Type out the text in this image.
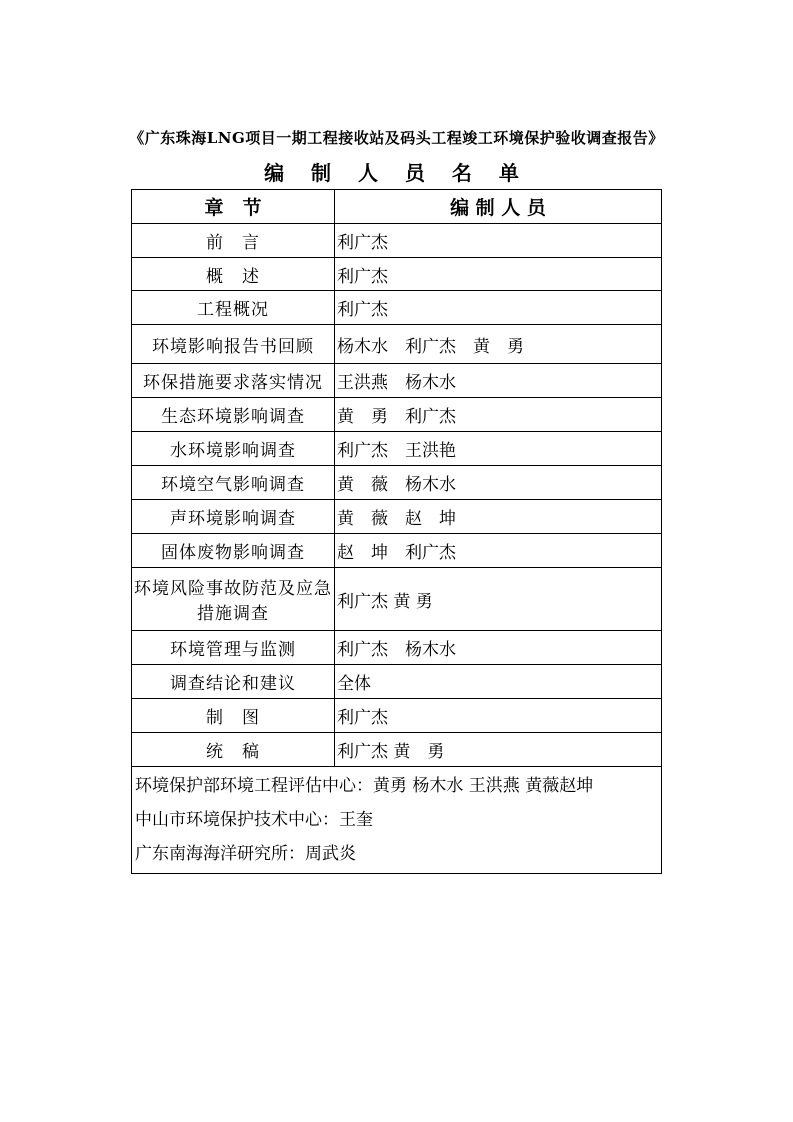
《广东珠海LNG项目一期工程接收站及码头工程竣工环境保护验收调查报告》
编 制 人 员 名 单
章　节	编 制 人 员
前　言	利广杰
概　述	利广杰
工程概况	利广杰
环境影响报告书回顾	杨木水　利广杰　黄　勇
环保措施要求落实情况	王洪燕　杨木水
生态环境影响调查	黄　勇　利广杰
水环境影响调查	利广杰　王洪艳
环境空气影响调查	黄　薇　杨木水
声环境影响调查	黄　薇　赵　坤
固体废物影响调查	赵　坤　利广杰
环境风险事故防范及应急措施调查	利广杰 黄 勇
环境管理与监测	利广杰　杨木水
调查结论和建议	全体
制　图	利广杰
统　稿	利广杰 黄　勇

环境保护部环境工程评估中心：黄勇 杨木水 王洪燕 黄薇赵坤
中山市环境保护技术中心：王奎
广东南海海洋研究所：周武炎	
